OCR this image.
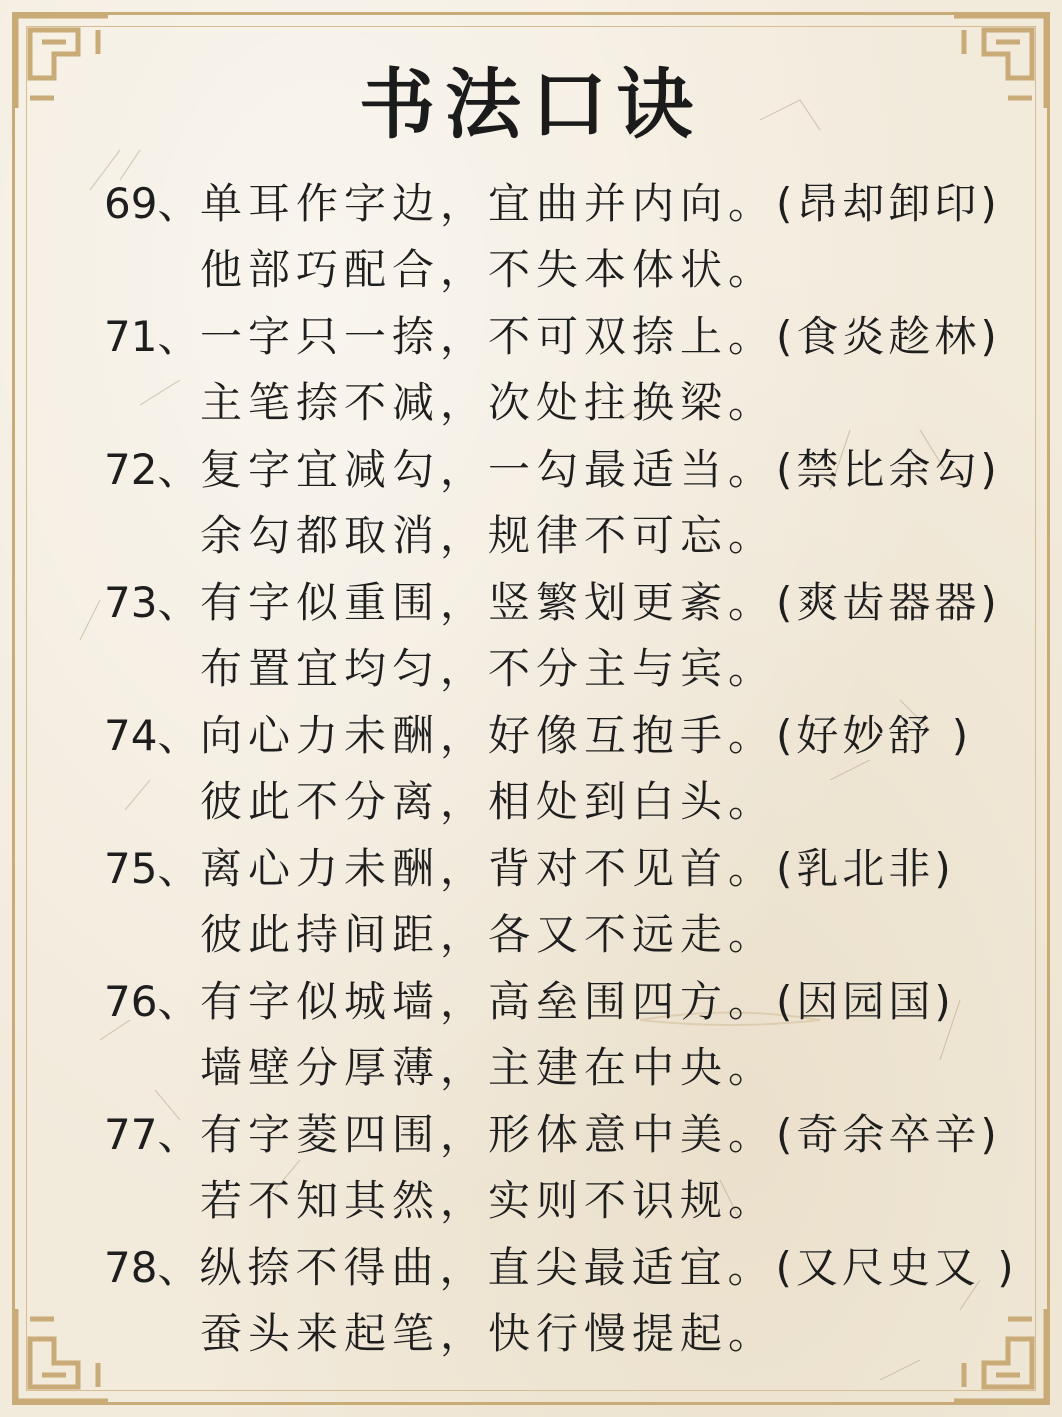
书法口诀
69、 单耳作字边，宜曲并内向。 (昂却卸印)
他部巧配合，不失本体状。
71、 一字只一捺，不可双捺上。 (食炎趁林)
主笔捺不减，次处拄换梁。
72、 复字宜减勾，一勾最适当。 (禁比余勾)
余勾都取消，规律不可忘。
73、 有字似重围，竖繁划更紊。 (爽齿器器)
布置宜均匀，不分主与宾。
74、 向心力未酬，好像互抱手。 (好妙舒 )
彼此不分离，相处到白头。
75、 离心力未酬，背对不见首。 (乳北非)
彼此持间距，各又不远走。
76、 有字似城墙，高垒围四方。 (因园国)
墙壁分厚薄，主建在中央。
77、 有字菱四围，形体意中美。 (奇余卒辛)
若不知其然，实则不识规。
78、 纵捺不得曲，直尖最适宜。 (又尺史又 )
蚕头来起笔，快行慢提起。
